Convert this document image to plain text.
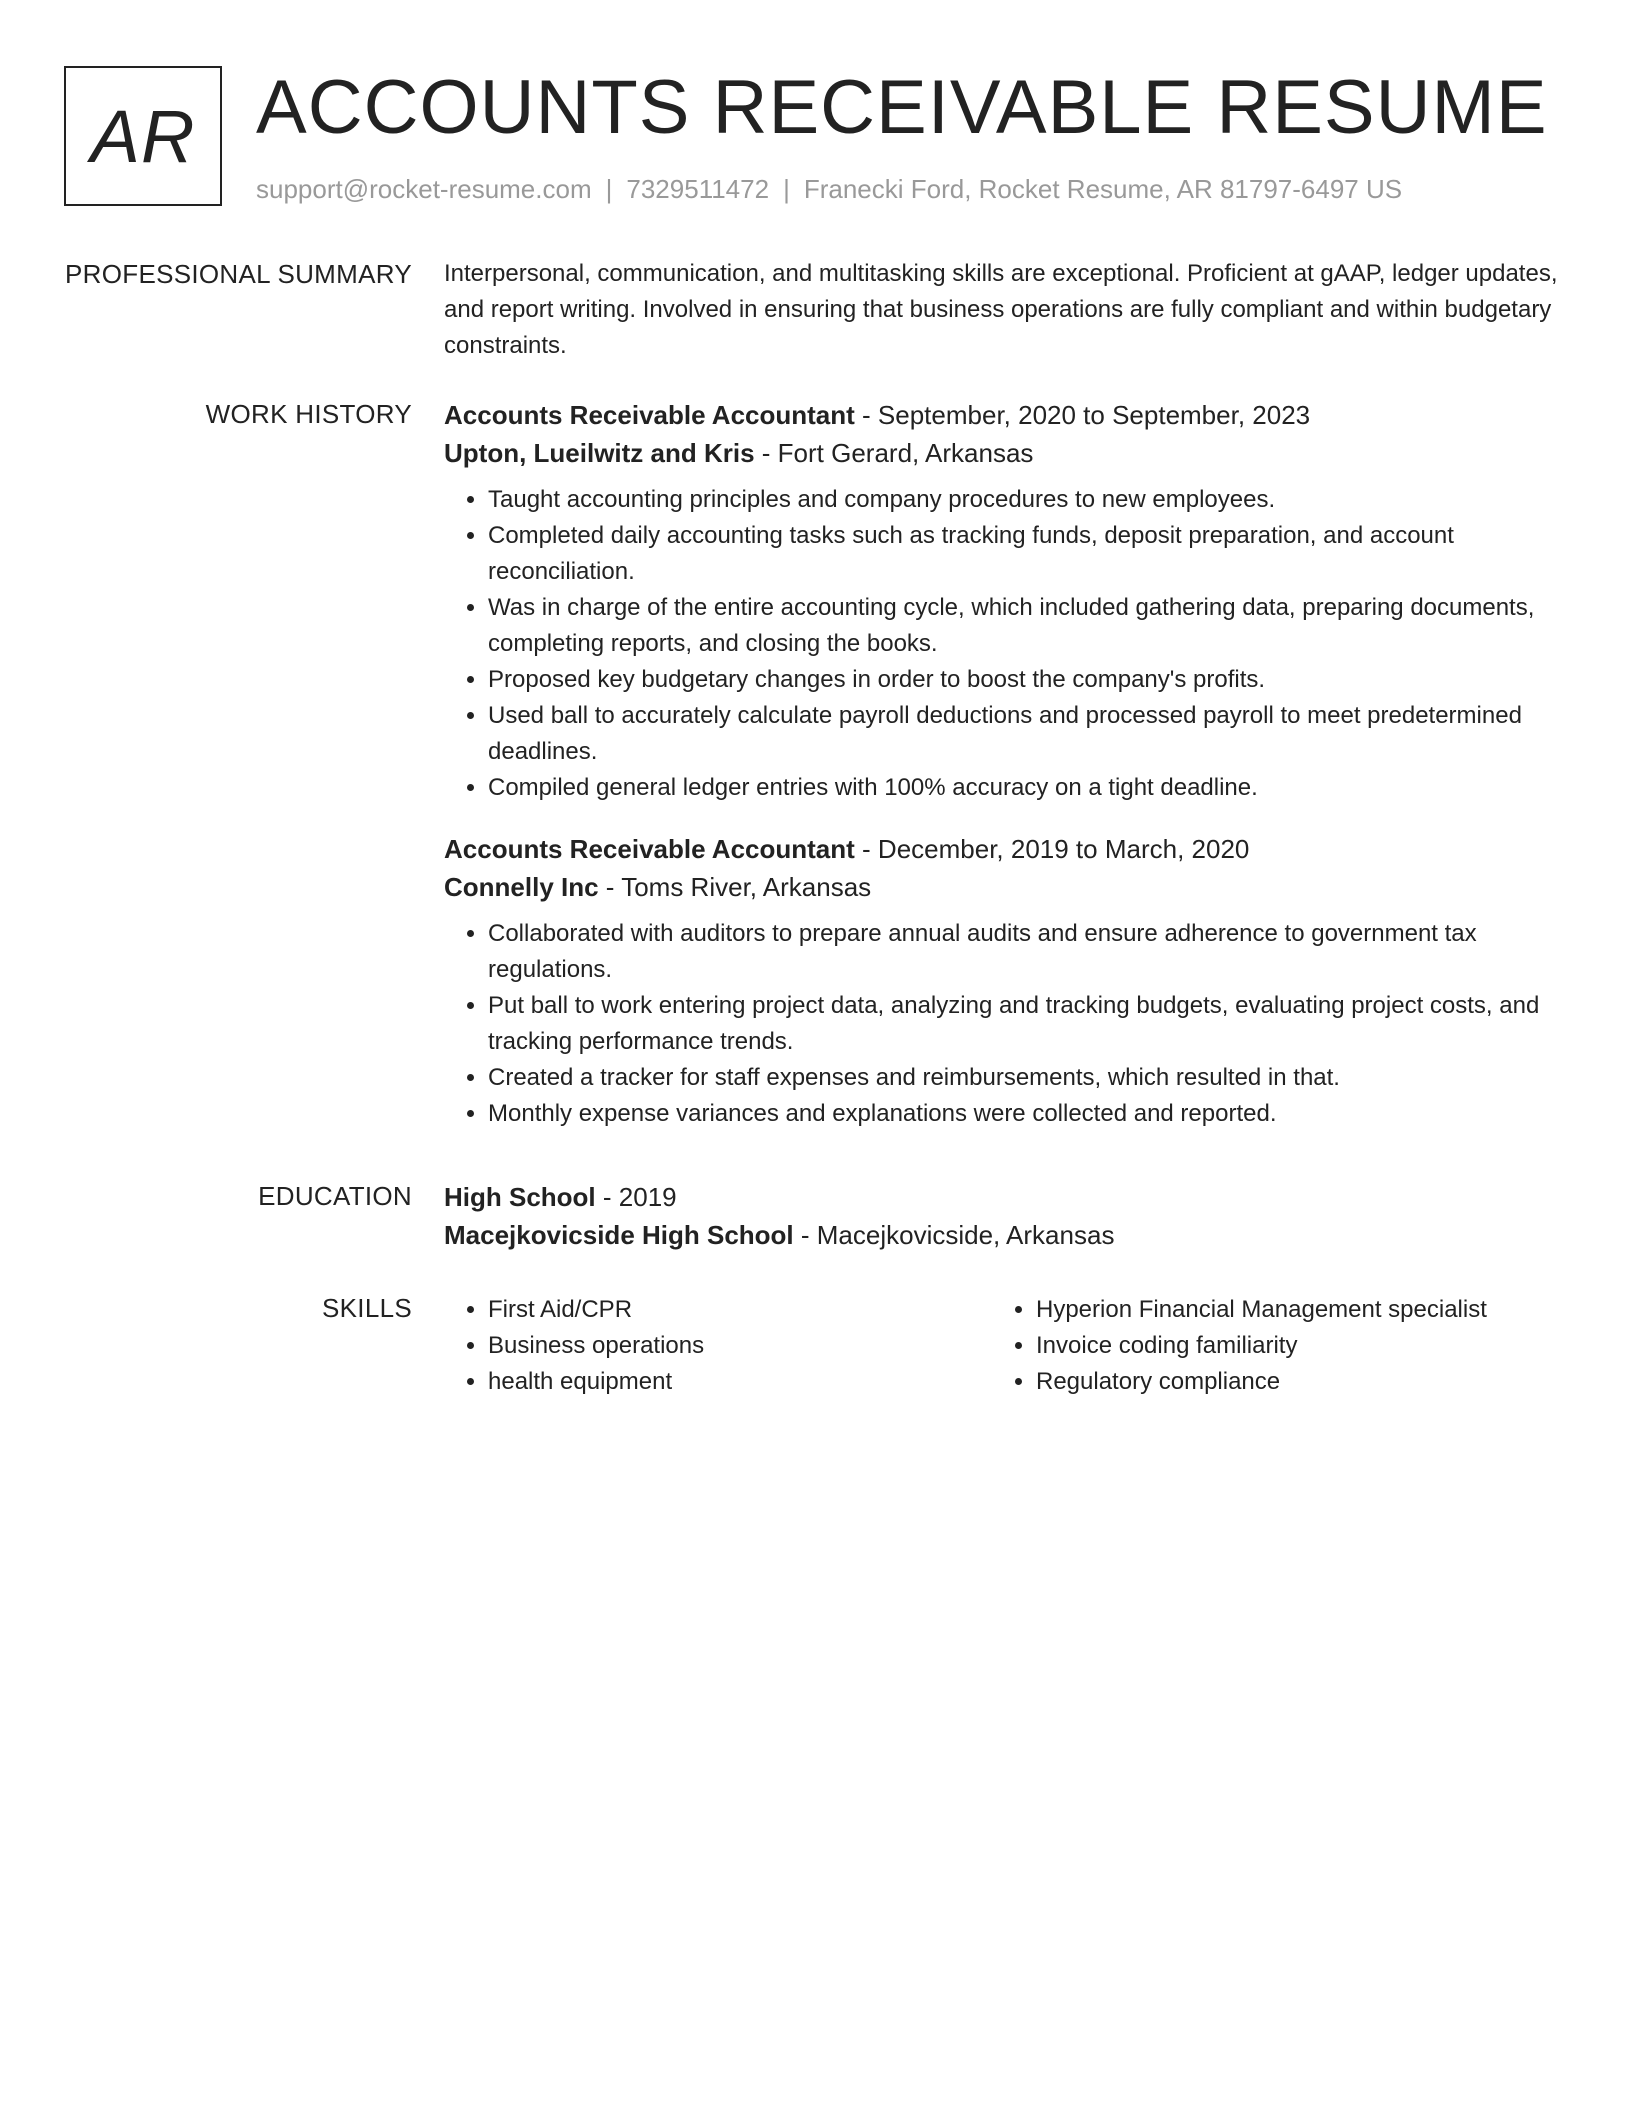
AR ACCOUNTS RECEIVABLE RESUME
support@rocket-resume.com | 7329511472 | Franecki Ford, Rocket Resume, AR 81797-6497 US
PROFESSIONAL SUMMARY Interpersonal, communication, and multitasking skills are exceptional. Proficient at gAAP, ledger updates, and report writing. Involved in ensuring that business operations are fully compliant and within budgetary constraints.

WORK HISTORY Accounts Receivable Accountant - September, 2020 to September, 2023
Upton, Lueilwitz and Kris - Fort Gerard, Arkansas
• Taught accounting principles and company procedures to new employees.
• Completed daily accounting tasks such as tracking funds, deposit preparation, and account reconciliation.
• Was in charge of the entire accounting cycle, which included gathering data, preparing documents, completing reports, and closing the books.
• Proposed key budgetary changes in order to boost the company's profits.
• Used ball to accurately calculate payroll deductions and processed payroll to meet predetermined deadlines.
• Compiled general ledger entries with 100% accuracy on a tight deadline.
Accounts Receivable Accountant - December, 2019 to March, 2020
Connelly Inc - Toms River, Arkansas
• Collaborated with auditors to prepare annual audits and ensure adherence to government tax regulations.
• Put ball to work entering project data, analyzing and tracking budgets, evaluating project costs, and tracking performance trends.
• Created a tracker for staff expenses and reimbursements, which resulted in that.
• Monthly expense variances and explanations were collected and reported.
EDUCATION High School - 2019
Macejkovicside High School - Macejkovicside, Arkansas
SKILLS
•	First Aid/CPR
• Business operations
• health equipment
• Hyperion Financial Management specialist
• Invoice coding familiarity
• Regulatory compliance
